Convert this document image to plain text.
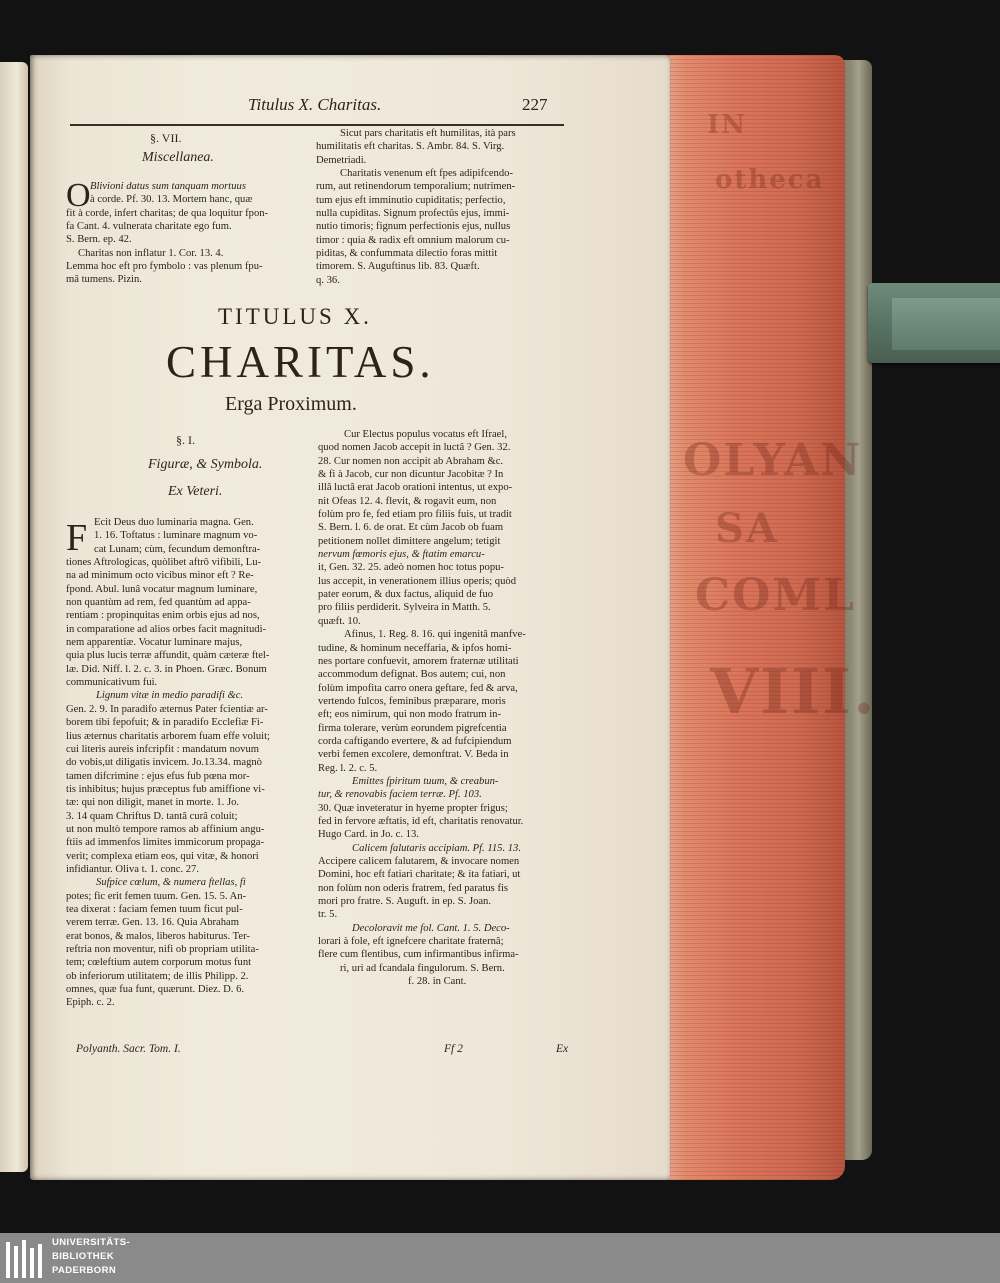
IN
otheca
OLYAN
SA
COML
VIII.
Titulus X. Charitas.	227
§. VII.
Miscellanea.
O Blivioni datus sum tanquam mortuus

à corde. Pf. 30. 13. Mortem hanc, quæ

fit à corde, infert charitas; de qua loquitur fpon-

fa Cant. 4. vulnerata charitate ego fum.

S. Bern. ep. 42.

Charitas non inflatur 1. Cor. 13. 4.

Lemma hoc eft pro fymbolo : vas plenum fpu-

mâ tumens. Pizin.

Sicut pars charitatis eft humilitas, ità pars

humilitatis eft charitas. S. Ambr. 84. S. Virg.

Demetriadi.

Charitatis venenum eft fpes adipifcendo-

rum, aut retinendorum temporalium; nutrimen-

tum ejus eft imminutio cupiditatis; perfectio,

nulla cupiditas. Signum profectûs ejus, immi-

nutio timoris; fignum perfectionis ejus, nullus

timor : quia & radix eft omnium malorum cu-

piditas, & confummata dilectio foras mittit

timorem. S. Auguftinus lib. 83. Quæft.

q. 36.

TITULUS X.
CHARITAS.
Erga Proximum.
§. I.
Figuræ, & Symbola.
Ex Veteri.
F Ecit Deus duo luminaria magna. Gen.

1. 16. Toftatus : luminare magnum vo-

cat Lunam; cùm, fecundum demonftra-

tiones Aftrologicas, quòlibet aftrô vifibili, Lu-

na ad minimum octo vicibus minor eft ? Re-

fpond. Abul. lunâ vocatur magnum luminare,

non quantùm ad rem, fed quantùm ad appa-

rentiam : propinquitas enim orbis ejus ad nos,

in comparatione ad alios orbes facit magnitudi-

nem apparentiæ. Vocatur luminare majus,

quia plus lucis terræ affundit, quàm cæteræ ftel-

læ. Did. Niff. l. 2. c. 3. in Phoen. Græc. Bonum

communicativum fui.

Lignum vitæ in medio paradifi &c.

Gen. 2. 9. In paradifo æternus Pater fcientiæ ar-

borem tibi fepofuit; & in paradifo Ecclefiæ Fi-

lius æternus charitatis arborem fuam effe voluit;

cui literis aureis infcripfit : mandatum novum

do vobis,ut diligatis invicem. Jo.13.34. magnò

tamen difcrimine : ejus efus fub pœna mor-

tis inhibitus; hujus præceptus fub amiffione vi-

tæ: qui non diligit, manet in morte. 1. Jo.

3. 14 quam Chriftus D. tantâ curâ coluit;

ut non multò tempore ramos ab affinium angu-

ftiis ad immenfos limites immicorum propaga-

verit; complexa etiam eos, qui vitæ, & honori

infidiantur. Oliva t. 1. conc. 27.

Sufpice cœlum, & numera ftellas, fi

potes; fic erit femen tuum. Gen. 15. 5. An-

tea dixerat : faciam femen tuum ficut pul-

verem terræ. Gen. 13. 16. Quia Abraham

erat bonos, & malos, liberos habiturus. Ter-

reftria non moventur, nifi ob propriam utilita-

tem; cœleftium autem corporum motus funt

ob inferiorum utilitatem; de illis Philipp. 2.

omnes, quæ fua funt, quærunt. Diez. D. 6.

Epiph. c. 2.

Cur Electus populus vocatus eft Ifrael,

quod nomen Jacob accepit in luctâ ? Gen. 32.

28. Cur nomen non accipit ab Abraham &c.

& fi à Jacob, cur non dicuntur Jacobitæ ? In

illâ luctâ erat Jacob orationi intentus, ut expo-

nit Ofeas 12. 4. flevit, & rogavit eum, non

folùm pro fe, fed etiam pro filiis fuis, ut tradit

S. Bern. l. 6. de orat. Et cùm Jacob ob fuam

petitionem nollet dimittere angelum; tetigit

nervum fœmoris ejus, & ftatim emarcu-

it, Gen. 32. 25. adeò nomen hoc totus popu-

lus accepit, in venerationem illius operis; quòd

pater eorum, & dux factus, aliquid de fuo

pro filiis perdiderit. Sylveira in Matth. 5.

quæft. 10.

Afinus, 1. Reg. 8. 16. qui ingenitâ manfve-

tudine, & hominum neceffaria, & ipfos homi-

nes portare confuevit, amorem fraternæ utilitati

accommodum defignat. Bos autem; cui, non

folùm impofita carro onera geftare, fed & arva,

vertendo fulcos, feminibus præparare, moris

eft; eos nimirum, qui non modo fratrum in-

firma tolerare, verùm eorundem pigrefcentia

corda caftigando evertere, & ad fufcipiendum

verbi femen excolere, demonftrat. V. Beda in

Reg. l. 2. c. 5.

Emittes fpiritum tuum, & creabun-

tur, & renovabis faciem terræ. Pf. 103.

30. Quæ inveteratur in hyeme propter frigus;

fed in fervore æftatis, id eft, charitatis renovatur.

Hugo Card. in Jo. c. 13.

Calicem falutaris accipiam. Pf. 115. 13.

Accipere calicem falutarem, & invocare nomen

Domini, hoc eft fatiari charitate; & ita fatiari, ut

non folùm non oderis fratrem, fed paratus fis

mori pro fratre. S. Auguft. in ep. S. Joan.

tr. 5.

Decoloravit me fol. Cant. 1. 5. Deco-

lorari à fole, eft ignefcere charitate fraternâ;

flere cum flentibus, cum infirmantibus infirma-

ri, uri ad fcandala fingulorum. S. Bern.

f. 28. in Cant.

Polyanth. Sacr. Tom. I.	Ff 2	Ex
UNIVERSITÄTS-
BIBLIOTHEK
PADERBORN
